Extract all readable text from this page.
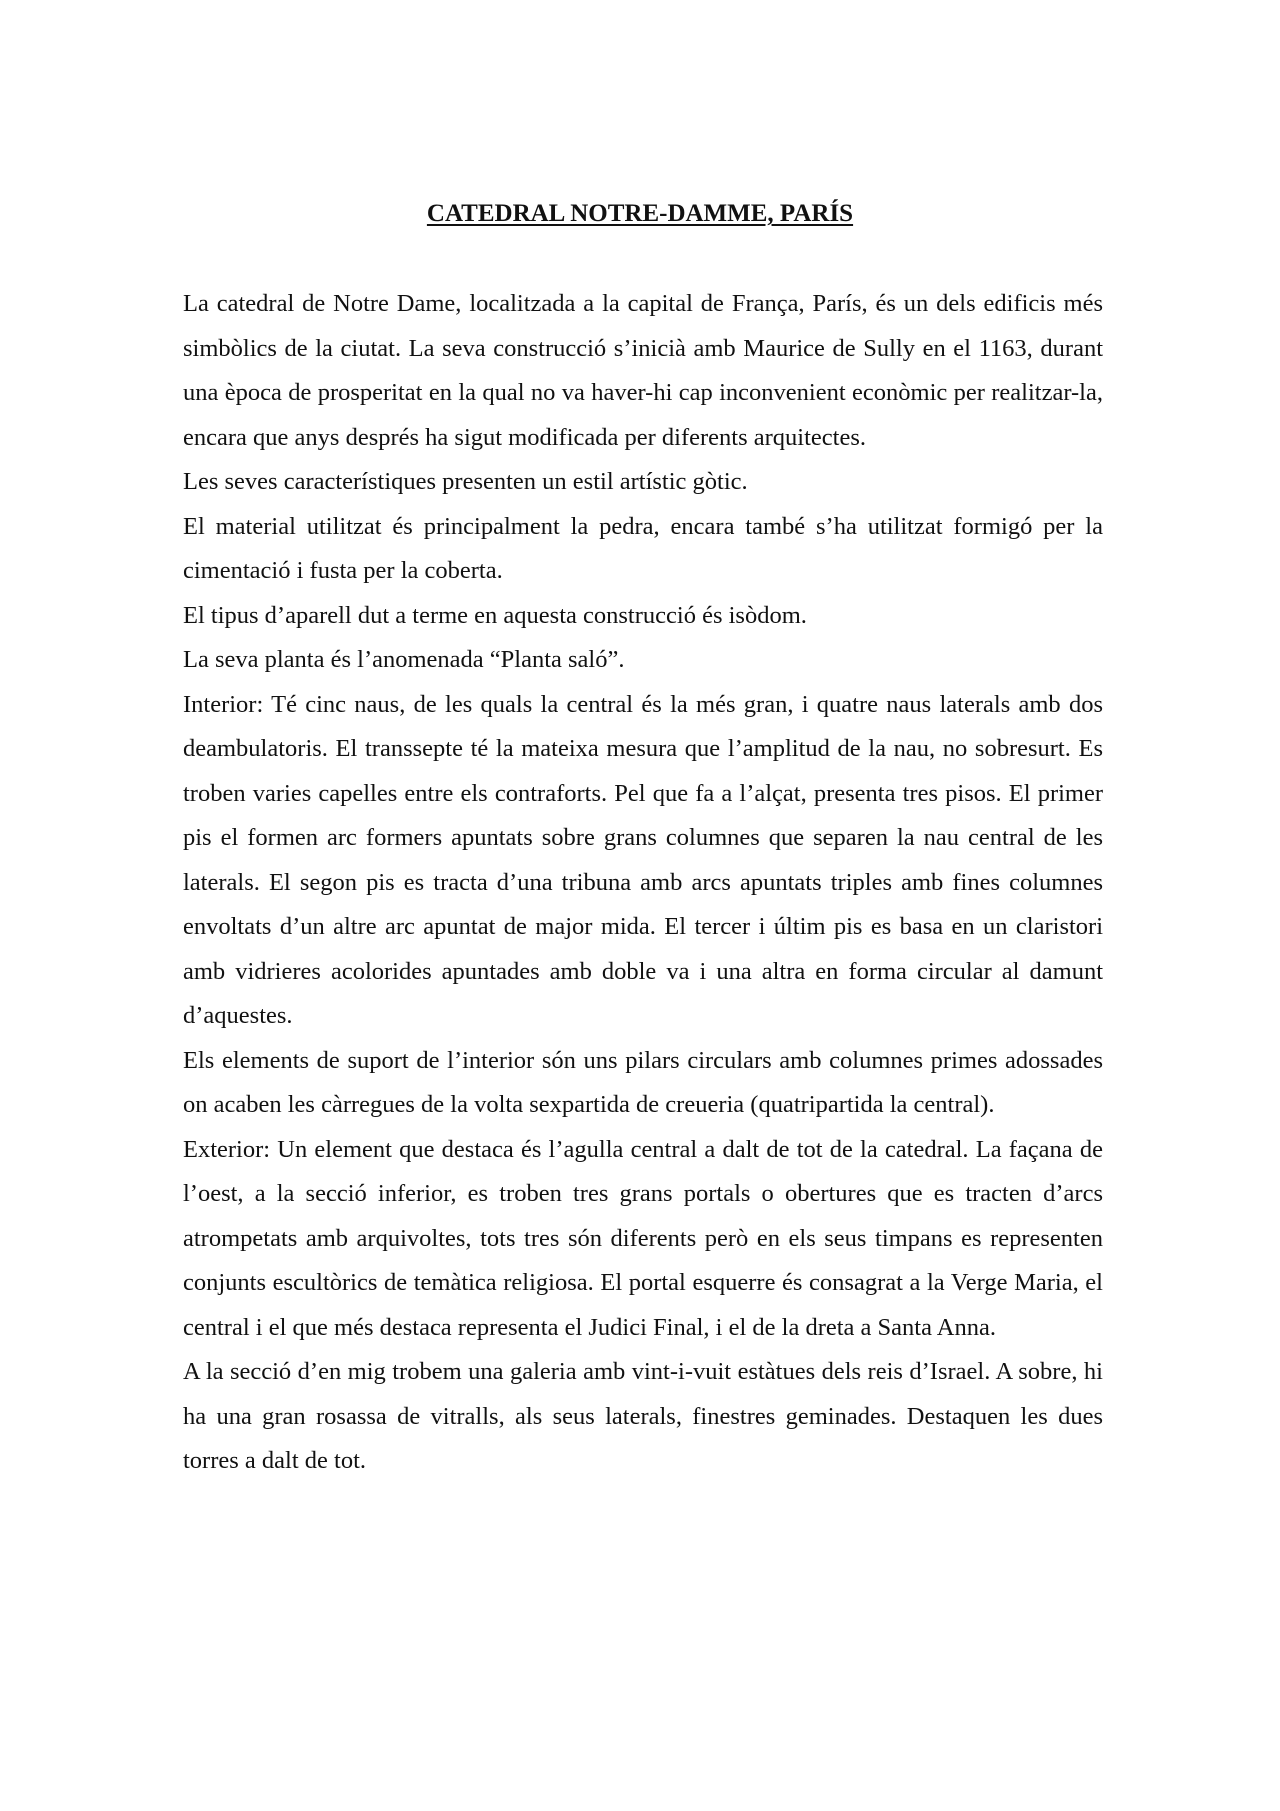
CATEDRAL NOTRE-DAMME, PARÍS

La catedral de Notre Dame, localitzada a la capital de França, París, és un dels edificis més simbòlics de la ciutat. La seva construcció s’inicià amb Maurice de Sully en el 1163, durant una època de prosperitat en la qual no va haver-hi cap inconvenient econòmic per realitzar-la, encara que anys després ha sigut modificada per diferents arquitectes.

Les seves característiques presenten un estil artístic gòtic.

El material utilitzat és principalment la pedra, encara també s’ha utilitzat formigó per la cimentació i fusta per la coberta.

El tipus d’aparell dut a terme en aquesta construcció és isòdom.

La seva planta és l’anomenada “Planta saló”.

Interior: Té cinc naus, de les quals la central és la més gran, i quatre naus laterals amb dos deambulatoris. El transsepte té la mateixa mesura que l’amplitud de la nau, no sobresurt. Es troben varies capelles entre els contraforts. Pel que fa a l’alçat, presenta tres pisos. El primer pis el formen arc formers apuntats sobre grans columnes que separen la nau central de les laterals. El segon pis es tracta d’una tribuna amb arcs apuntats triples amb fines columnes envoltats d’un altre arc apuntat de major mida. El tercer i últim pis es basa en un claristori amb vidrieres acolorides apuntades amb doble va i una altra en forma circular al damunt d’aquestes.

Els elements de suport de l’interior són uns pilars circulars amb columnes primes adossades on acaben les càrregues de la volta sexpartida de creueria (quatripartida la central).

Exterior: Un element que destaca és l’agulla central a dalt de tot de la catedral. La façana de l’oest, a la secció inferior, es troben tres grans portals o obertures que es tracten d’arcs atrompetats amb arquivoltes, tots tres són diferents però en els seus timpans es representen conjunts escultòrics de temàtica religiosa. El portal esquerre és consagrat a la Verge Maria, el central i el que més destaca representa el Judici Final, i el de la dreta a Santa Anna.

A la secció d’en mig trobem una galeria amb vint-i-vuit estàtues dels reis d’Israel. A sobre, hi ha una gran rosassa de vitralls, als seus laterals, finestres geminades. Destaquen les dues torres a dalt de tot.
